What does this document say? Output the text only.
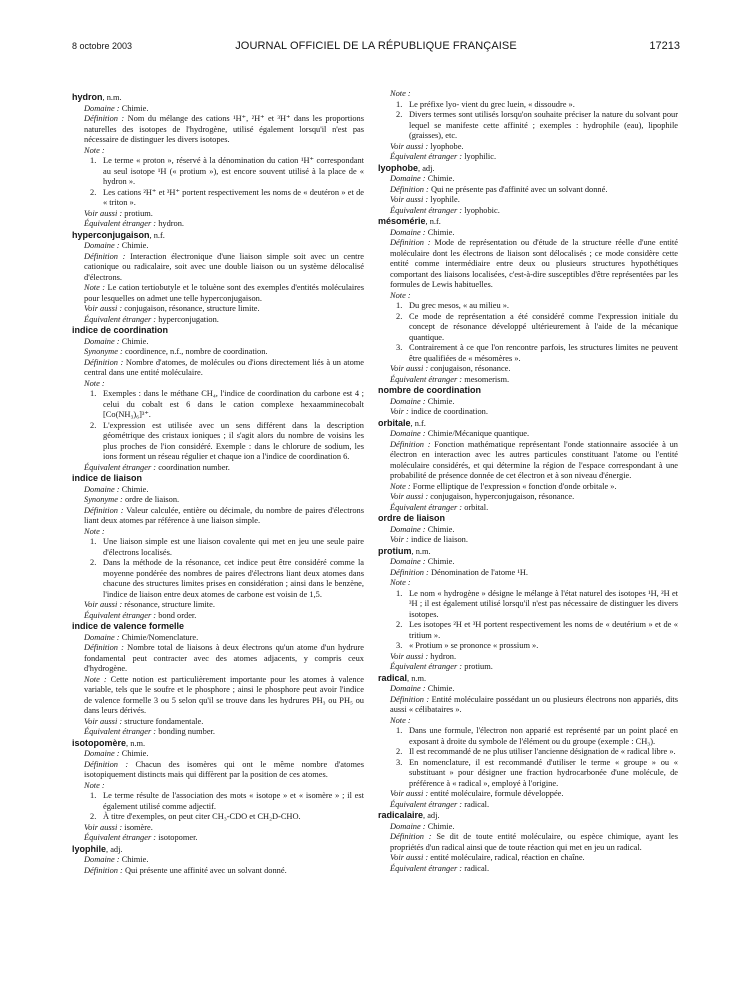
8 octobre 2003	JOURNAL OFFICIEL DE LA RÉPUBLIQUE FRANÇAISE	17213
hydron, n.m.
Domaine : Chimie.
Définition : Nom du mélange des cations ¹H⁺, ²H⁺ et ³H⁺ dans les proportions naturelles des isotopes de l'hydrogène, utilisé également lorsqu'il n'est pas nécessaire de distinguer les divers isotopes.
Note :
1. Le terme « proton », réservé à la dénomination du cation ¹H⁺ correspondant au seul isotope ¹H (« protium »), est encore souvent utilisé à la place de « hydron ».
2. Les cations ²H⁺ et ³H⁺ portent respectivement les noms de « deutéron » et de « triton ».
Voir aussi : protium.
Équivalent étranger : hydron.
hyperconjugaison, n.f.
Domaine : Chimie.
Définition : Interaction électronique d'une liaison simple soit avec un centre cationique ou radicalaire, soit avec une double liaison ou un système délocalisé d'électrons.
Note : Le cation tertiobutyle et le toluène sont des exemples d'entités moléculaires pour lesquelles on admet une telle hyperconjugaison.
Voir aussi : conjugaison, résonance, structure limite.
Équivalent étranger : hyperconjugation.
indice de coordination
Domaine : Chimie.
Synonyme : coordinence, n.f., nombre de coordination.
Définition : Nombre d'atomes, de molécules ou d'ions directement liés à un atome central dans une entité moléculaire.
Note :
1. Exemples : dans le méthane CH₄, l'indice de coordination du carbone est 4 ; celui du cobalt est 6 dans le cation complexe hexaamminecobalt [Co(NH₃)₆]³⁺.
2. L'expression est utilisée avec un sens différent dans la description géométrique des cristaux ioniques ; il s'agit alors du nombre de voisins les plus proches de l'ion considéré. Exemple : dans le chlorure de sodium, les ions forment un réseau régulier et chaque ion a l'indice de coordination 6.
Équivalent étranger : coordination number.
indice de liaison
Domaine : Chimie.
Synonyme : ordre de liaison.
Définition : Valeur calculée, entière ou décimale, du nombre de paires d'électrons liant deux atomes par référence à une liaison simple.
Note :
1. Une liaison simple est une liaison covalente qui met en jeu une seule paire d'électrons localisés.
2. Dans la méthode de la résonance, cet indice peut être considéré comme la moyenne pondérée des nombres de paires d'électrons liant deux atomes dans chacune des structures limites prises en considération ; ainsi dans le benzène, l'indice de liaison entre deux atomes de carbone est voisin de 1,5.
Voir aussi : résonance, structure limite.
Équivalent étranger : bond order.
indice de valence formelle
Domaine : Chimie/Nomenclature.
Définition : Nombre total de liaisons à deux électrons qu'un atome d'un hydrure fondamental peut contracter avec des atomes adjacents, y compris ceux d'hydrogène.
Note : Cette notion est particulièrement importante pour les atomes à valence variable, tels que le soufre et le phosphore ; ainsi le phosphore peut avoir l'indice de valence formelle 3 ou 5 selon qu'il se trouve dans les hydrures PH₃ ou PH₅ ou dans leurs dérivés.
Voir aussi : structure fondamentale.
Équivalent étranger : bonding number.
isotopomère, n.m.
Domaine : Chimie.
Définition : Chacun des isomères qui ont le même nombre d'atomes isotopiquement distincts mais qui diffèrent par la position de ces atomes.
Note :
1. Le terme résulte de l'association des mots « isotope » et « isomère » ; il est également utilisé comme adjectif.
2. À titre d'exemples, on peut citer CH₃-CDO et CH₂D-CHO.
Voir aussi : isomère.
Équivalent étranger : isotopomer.
lyophile, adj.
Domaine : Chimie.
Définition : Qui présente une affinité avec un solvant donné.
Note :
1. Le préfixe lyo- vient du grec luein, « dissoudre ».
2. Divers termes sont utilisés lorsqu'on souhaite préciser la nature du solvant pour lequel se manifeste cette affinité ; exemples : hydrophile (eau), lipophile (graisses), etc.
Voir aussi : lyophobe.
Équivalent étranger : lyophilic.
lyophobe, adj.
Domaine : Chimie.
Définition : Qui ne présente pas d'affinité avec un solvant donné.
Voir aussi : lyophile.
Équivalent étranger : lyophobic.
mésomérie, n.f.
Domaine : Chimie.
Définition : Mode de représentation ou d'étude de la structure réelle d'une entité moléculaire dont les électrons de liaison sont délocalisés ; ce mode considère cette entité comme intermédiaire entre deux ou plusieurs structures hypothétiques comportant des liaisons localisées, c'est-à-dire susceptibles d'être représentées par les formules de Lewis habituelles.
Note :
1. Du grec mesos, « au milieu ».
2. Ce mode de représentation a été considéré comme l'expression initiale du concept de résonance développé ultérieurement à l'aide de la mécanique quantique.
3. Contrairement à ce que l'on rencontre parfois, les structures limites ne peuvent être qualifiées de « mésomères ».
Voir aussi : conjugaison, résonance.
Équivalent étranger : mesomerism.
nombre de coordination
Domaine : Chimie.
Voir : indice de coordination.
orbitale, n.f.
Domaine : Chimie/Mécanique quantique.
Définition : Fonction mathématique représentant l'onde stationnaire associée à un électron en interaction avec les autres particules constituant l'atome ou l'entité moléculaire considérés, et qui détermine la région de l'espace correspondant à une probabilité de présence donnée de cet électron et à son niveau d'énergie.
Note : Forme elliptique de l'expression « fonction d'onde orbitale ».
Voir aussi : conjugaison, hyperconjugaison, résonance.
Équivalent étranger : orbital.
ordre de liaison
Domaine : Chimie.
Voir : indice de liaison.
protium, n.m.
Domaine : Chimie.
Définition : Dénomination de l'atome ¹H.
Note :
1. Le nom « hydrogène » désigne le mélange à l'état naturel des isotopes ¹H, ²H et ³H ; il est également utilisé lorsqu'il n'est pas nécessaire de distinguer les divers isotopes.
2. Les isotopes ²H et ³H portent respectivement les noms de « deutérium » et de « tritium ».
3. « Protium » se prononce « prossium ».
Voir aussi : hydron.
Équivalent étranger : protium.
radical, n.m.
Domaine : Chimie.
Définition : Entité moléculaire possédant un ou plusieurs électrons non appariés, dits aussi « célibataires ».
Note :
1. Dans une formule, l'électron non apparié est représenté par un point placé en exposant à droite du symbole de l'élément ou du groupe (exemple : CH₃).
2. Il est recommandé de ne plus utiliser l'ancienne désignation de « radical libre ».
3. En nomenclature, il est recommandé d'utiliser le terme « groupe » ou « substituant » pour désigner une fraction hydrocarbonée d'une molécule, de préférence à « radical », employé à l'origine.
Voir aussi : entité moléculaire, formule développée.
Équivalent étranger : radical.
radicalaire, adj.
Domaine : Chimie.
Définition : Se dit de toute entité moléculaire, ou espèce chimique, ayant les propriétés d'un radical ainsi que de toute réaction qui met en jeu un radical.
Voir aussi : entité moléculaire, radical, réaction en chaîne.
Équivalent étranger : radical.
